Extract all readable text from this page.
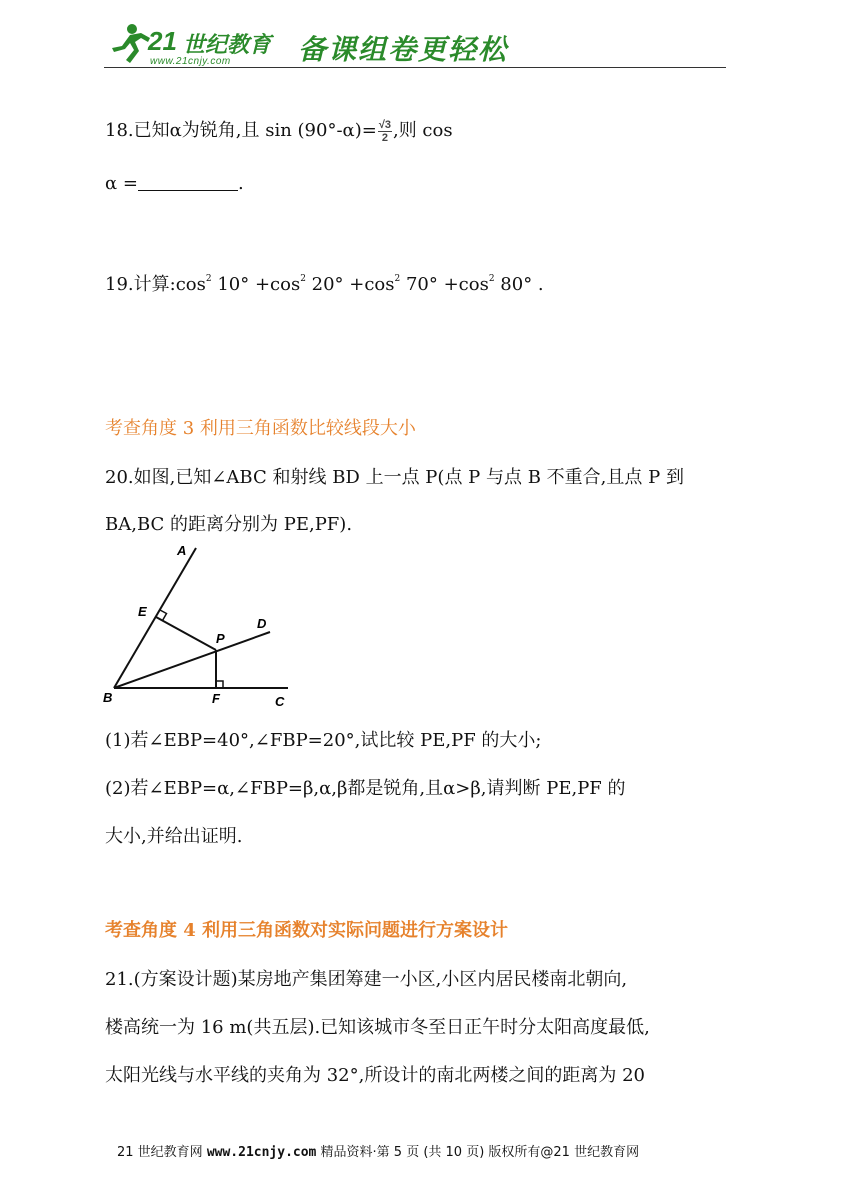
21 世纪教育
www.21cnjy.com 备课组卷更轻松
18.已知α为锐角,且 $\sin (90^\circ-\alpha)= \frac{√3}{2}$ ,则 cos
α =	.
19.计算$:\cos^2$ $10^\circ +\cos^2$ $20^\circ +\cos^2$ $70^\circ +\cos^2$ 80° .
考查角度 3 利用三角函数比较线段大小
20.如图,已知∠ABC 和射线 BD 上一点 P(点 P 与点 B 不重合,且点 P 到
BA,BC 的距离分别为 PE,PF).
A
E
P
D
B	F	C
(1)若∠EBP=40°,∠FBP=20°,试比较 PE,PF 的大小;
(2)若∠EBP=α,∠FBP=β,α,β都是锐角,且α>β,请判断 PE,PF 的
大小,并给出证明.
考查角度 4 利用三角函数对实际问题进行方案设计
21.(方案设计题)某房地产集团筹建一小区,小区内居民楼南北朝向,
楼高统一为 16 m(共五层).已知该城市冬至日正午时分太阳高度最低,
太阳光线与水平线的夹角为 32°,所设计的南北两楼之间的距离为 20
21 世纪教育网 www.21cnjy.com 精品资料·第 5 页 (共 10 页) 版权所有@21 世纪教育网
